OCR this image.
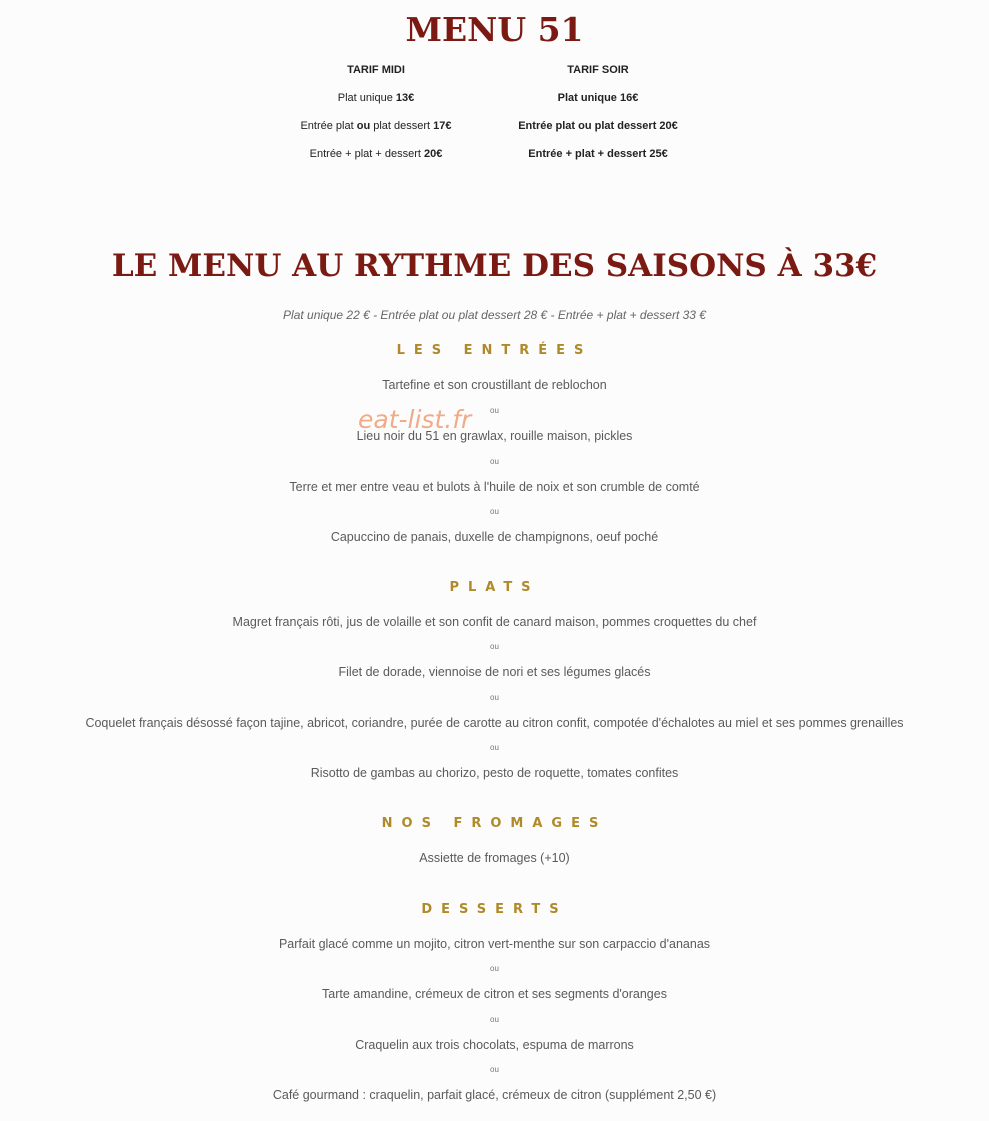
MENU 51
TARIF MIDI
Plat unique 13€
Entrée plat ou plat dessert 17€
Entrée + plat + dessert 20€
TARIF SOIR
Plat unique 16€
Entrée plat ou plat dessert 20€
Entrée + plat + dessert 25€
LE MENU AU RYTHME DES SAISONS À 33€
Plat unique 22 € - Entrée plat ou plat dessert 28 € - Entrée + plat + dessert 33 €
LES ENTRÉES
Tartefine et son croustillant de reblochon
ou
Lieu noir du 51 en grawlax, rouille maison, pickles
ou
Terre et mer entre veau et bulots à l'huile de noix et son crumble de comté
ou
Capuccino de panais, duxelle de champignons, oeuf poché
eat-list.fr
PLATS
Magret français rôti, jus de volaille et son confit de canard maison, pommes croquettes du chef
ou
Filet de dorade, viennoise de nori et ses légumes glacés
ou
Coquelet français désossé façon tajine, abricot, coriandre, purée de carotte au citron confit, compotée d'échalotes au miel et ses pommes grenailles
ou
Risotto de gambas au chorizo, pesto de roquette, tomates confites
NOS FROMAGES
Assiette de fromages (+10)
DESSERTS
Parfait glacé comme un mojito, citron vert-menthe sur son carpaccio d'ananas
ou
Tarte amandine, crémeux de citron et ses segments d'oranges
ou
Craquelin aux trois chocolats, espuma de marrons
ou
Café gourmand : craquelin, parfait glacé, crémeux de citron (supplément 2,50 €)
